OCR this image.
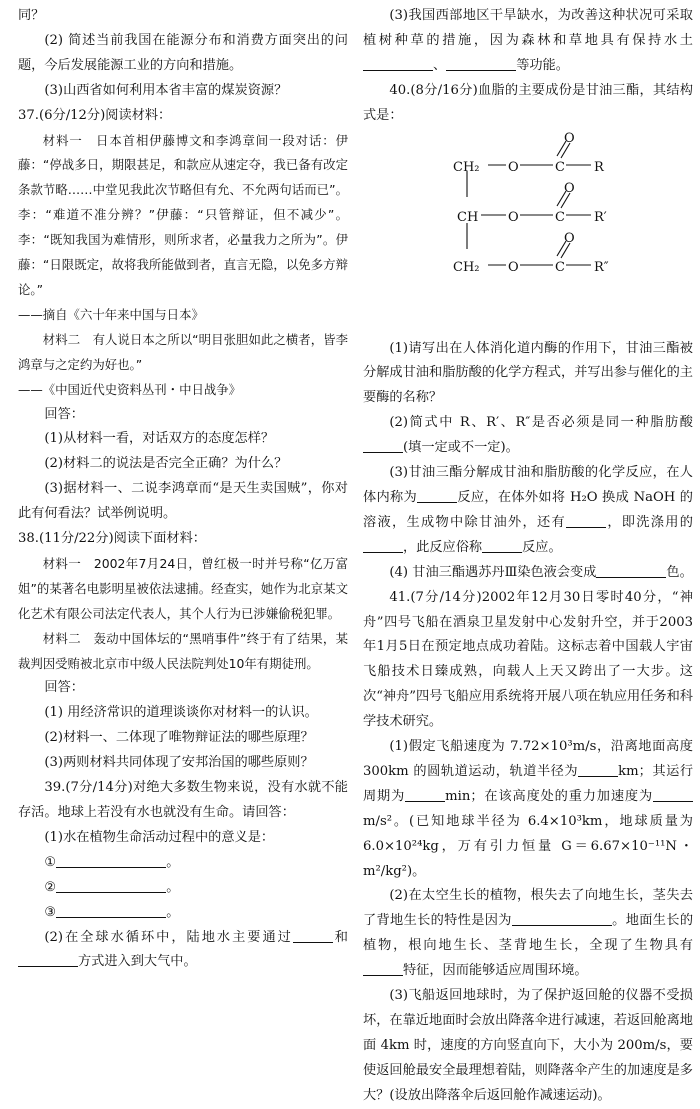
同？

(2) 简述当前我国在能源分布和消费方面突出的问题，今后发展能源工业的方向和措施。

(3)山西省如何利用本省丰富的煤炭资源？

37.(6分/12分)阅读材料：

材料一　日本首相伊藤博文和李鸿章间一段对话：伊藤：“停战多日，期限甚足，和款应从速定夺，我已备有改定条款节略……中堂见我此次节略但有允、不允两句话而已”。李：“难道不准分辨？”伊藤：“只管辩证，但不减少”。李：“既知我国为难情形，则所求者，必量我力之所为”。伊藤：“日限既定，故将我所能做到者，直言无隐，以免多方辩论。”

——摘自《六十年来中国与日本》

材料二　有人说日本之所以“明目张胆如此之横者，皆李鸿章与之定约为好也。”

——《中国近代史资料丛刊・中日战争》

回答：

(1)从材料一看，对话双方的态度怎样？

(2)材料二的说法是否完全正确？为什么？

(3)据材料一、二说李鸿章而“是天生卖国贼”，你对此有何看法？试举例说明。

38.(11分/22分)阅读下面材料：

材料一　2002年7月24日，曾红极一时并号称“亿万富姐”的某著名电影明星被依法逮捕。经查实，她作为北京某文化艺术有限公司法定代表人，其个人行为已涉嫌偷税犯罪。

材料二　轰动中国体坛的“黑哨事件”终于有了结果，某裁判因受贿被北京市中级人民法院判处10年有期徒刑。

回答：

(1) 用经济常识的道理谈谈你对材料一的认识。

(2)材料一、二体现了唯物辩证法的哪些原理？

(3)两则材料共同体现了安邦治国的哪些原则？

39.(7分/14分)对绝大多数生物来说，没有水就不能存活。地球上若没有水也就没有生命。请回答：

(1)水在植物生命活动过程中的意义是：

①	。

②	。

③	。

(2)在全球水循环中，陆地水主要通过	和方式进入到大气中。

(3)我国西部地区干旱缺水，为改善这种状况可采取植树种草的措施，因为森林和草地具有保持水土、	等功能。

40.(8分/16分)血脂的主要成份是甘油三酯，其结构式是：

CH₂
CH
CH₂
O	C
O
R
O	C
O
R′
O	C
O
R″

(1)请写出在人体消化道内酶的作用下，甘油三酯被分解成甘油和脂肪酸的化学方程式，并写出参与催化的主要酶的名称？

(2)简式中 R、R′、R″是否必须是同一种脂肪酸(填一定或不一定)。

(3)甘油三酯分解成甘油和脂肪酸的化学反应，在人体内称为	反应，在体外如将 H₂O 换成 NaOH 的溶液，生成物中除甘油外，还有	，即洗涤用的，此反应俗称	反应。

(4) 甘油三酯遇苏丹Ⅲ染色液会变成	色。

41.(7分/14分)2002年12月30日零时40分，“神舟”四号飞船在酒泉卫星发射中心发射升空，并于2003年1月5日在预定地点成功着陆。这标志着中国载人宇宙飞船技术日臻成熟，向载人上天又跨出了一大步。这次“神舟”四号飞船应用系统将开展八项在轨应用任务和科学技术研究。

(1)假定飞船速度为 7.72×10³m/s，沿离地面高度 300km 的圆轨道运动，轨道半径为	km；其运行周期为	min；在该高度处的重力加速度为m/s²。(已知地球半径为 6.4×10³km，地球质量为 6.0×10²⁴kg，万有引力恒量 G＝6.67×10⁻¹¹N・m²/kg²)。

(2)在太空生长的植物，根失去了向地生长，茎失去了背地生长的特性是因为	。地面生长的植物，根向地生长、茎背地生长，全现了生物具有特征，因而能够适应周围环境。

(3)飞船返回地球时，为了保护返回舱的仪器不受损坏，在靠近地面时会放出降落伞进行减速，若返回舱离地面 4km 时，速度的方向竖直向下，大小为 200m/s，要使返回舱最安全最理想着陆，则降落伞产生的加速度是多大？(设放出降落伞后返回舱作减速运动)。
